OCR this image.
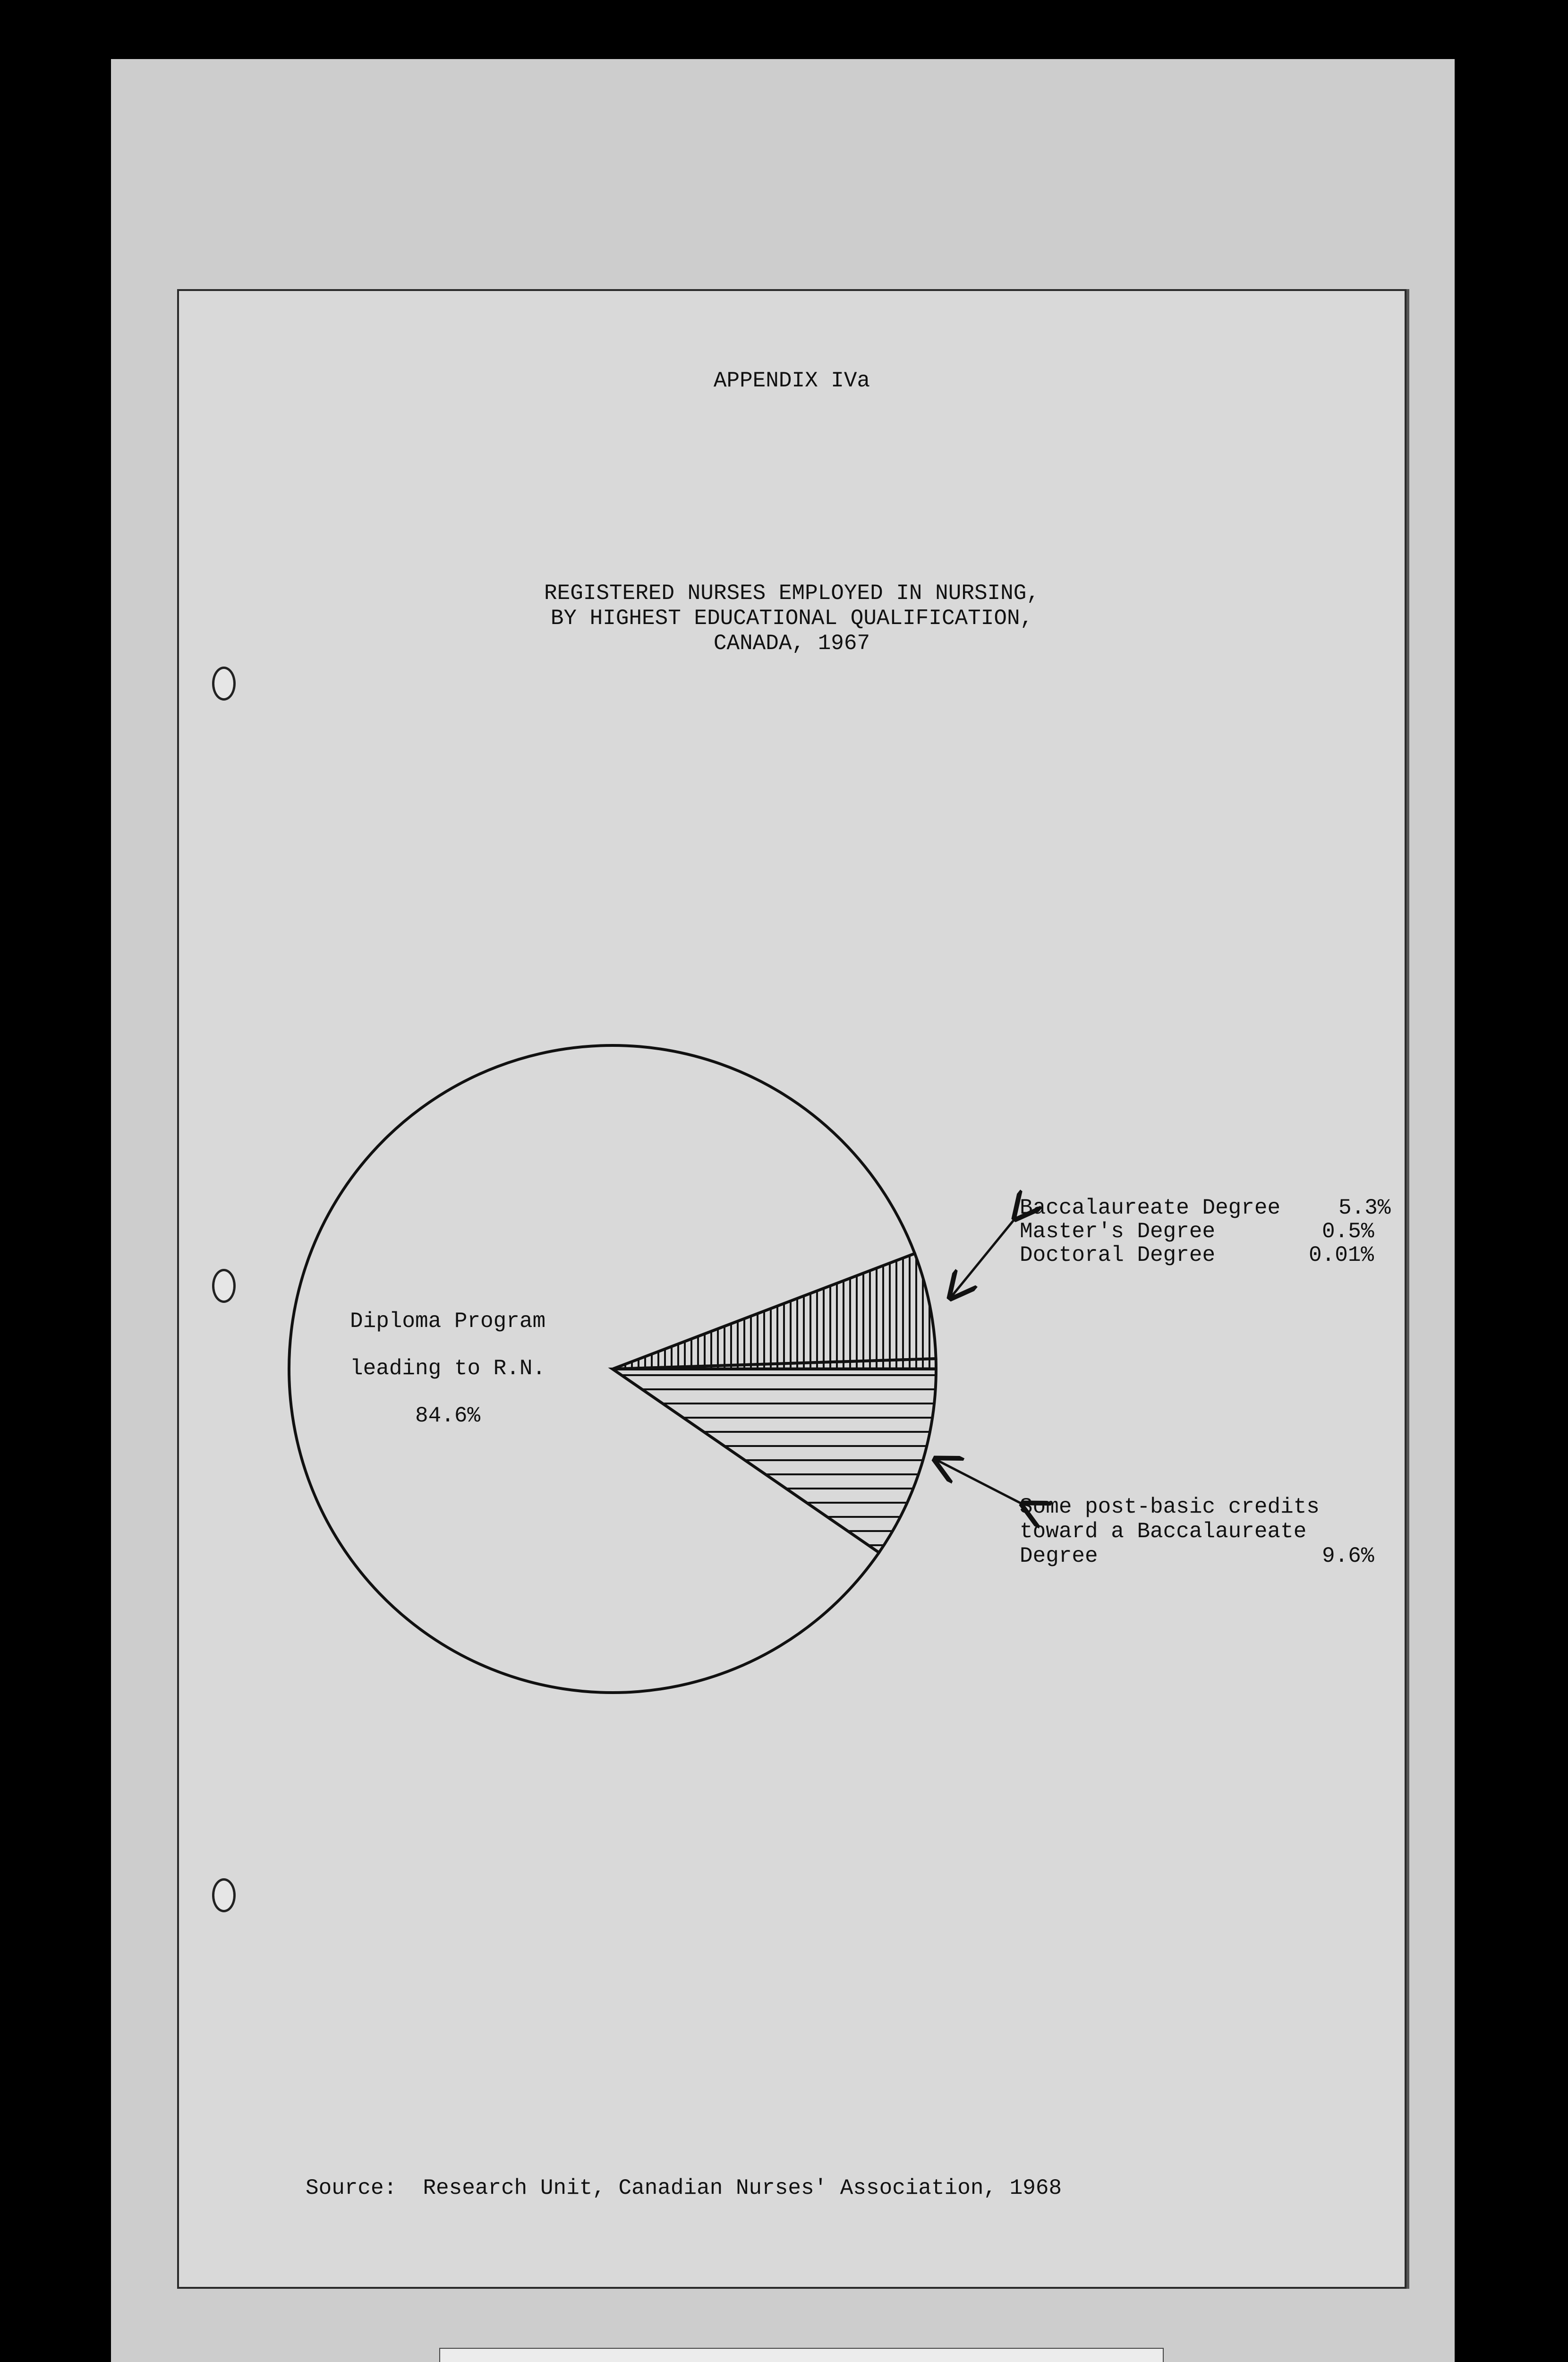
APPENDIX IVa
REGISTERED NURSES EMPLOYED IN NURSING,
BY HIGHEST EDUCATIONAL QUALIFICATION,
CANADA, 1967
Diploma Program
leading to R.N.
84.6%
Baccalaureate Degree	5.3%
Master's Degree	0.5%
Doctoral Degree	0.01%
Some post-basic credits
toward a Baccalaureate
Degree	9.6%
Source:  Research Unit, Canadian Nurses' Association, 1968
